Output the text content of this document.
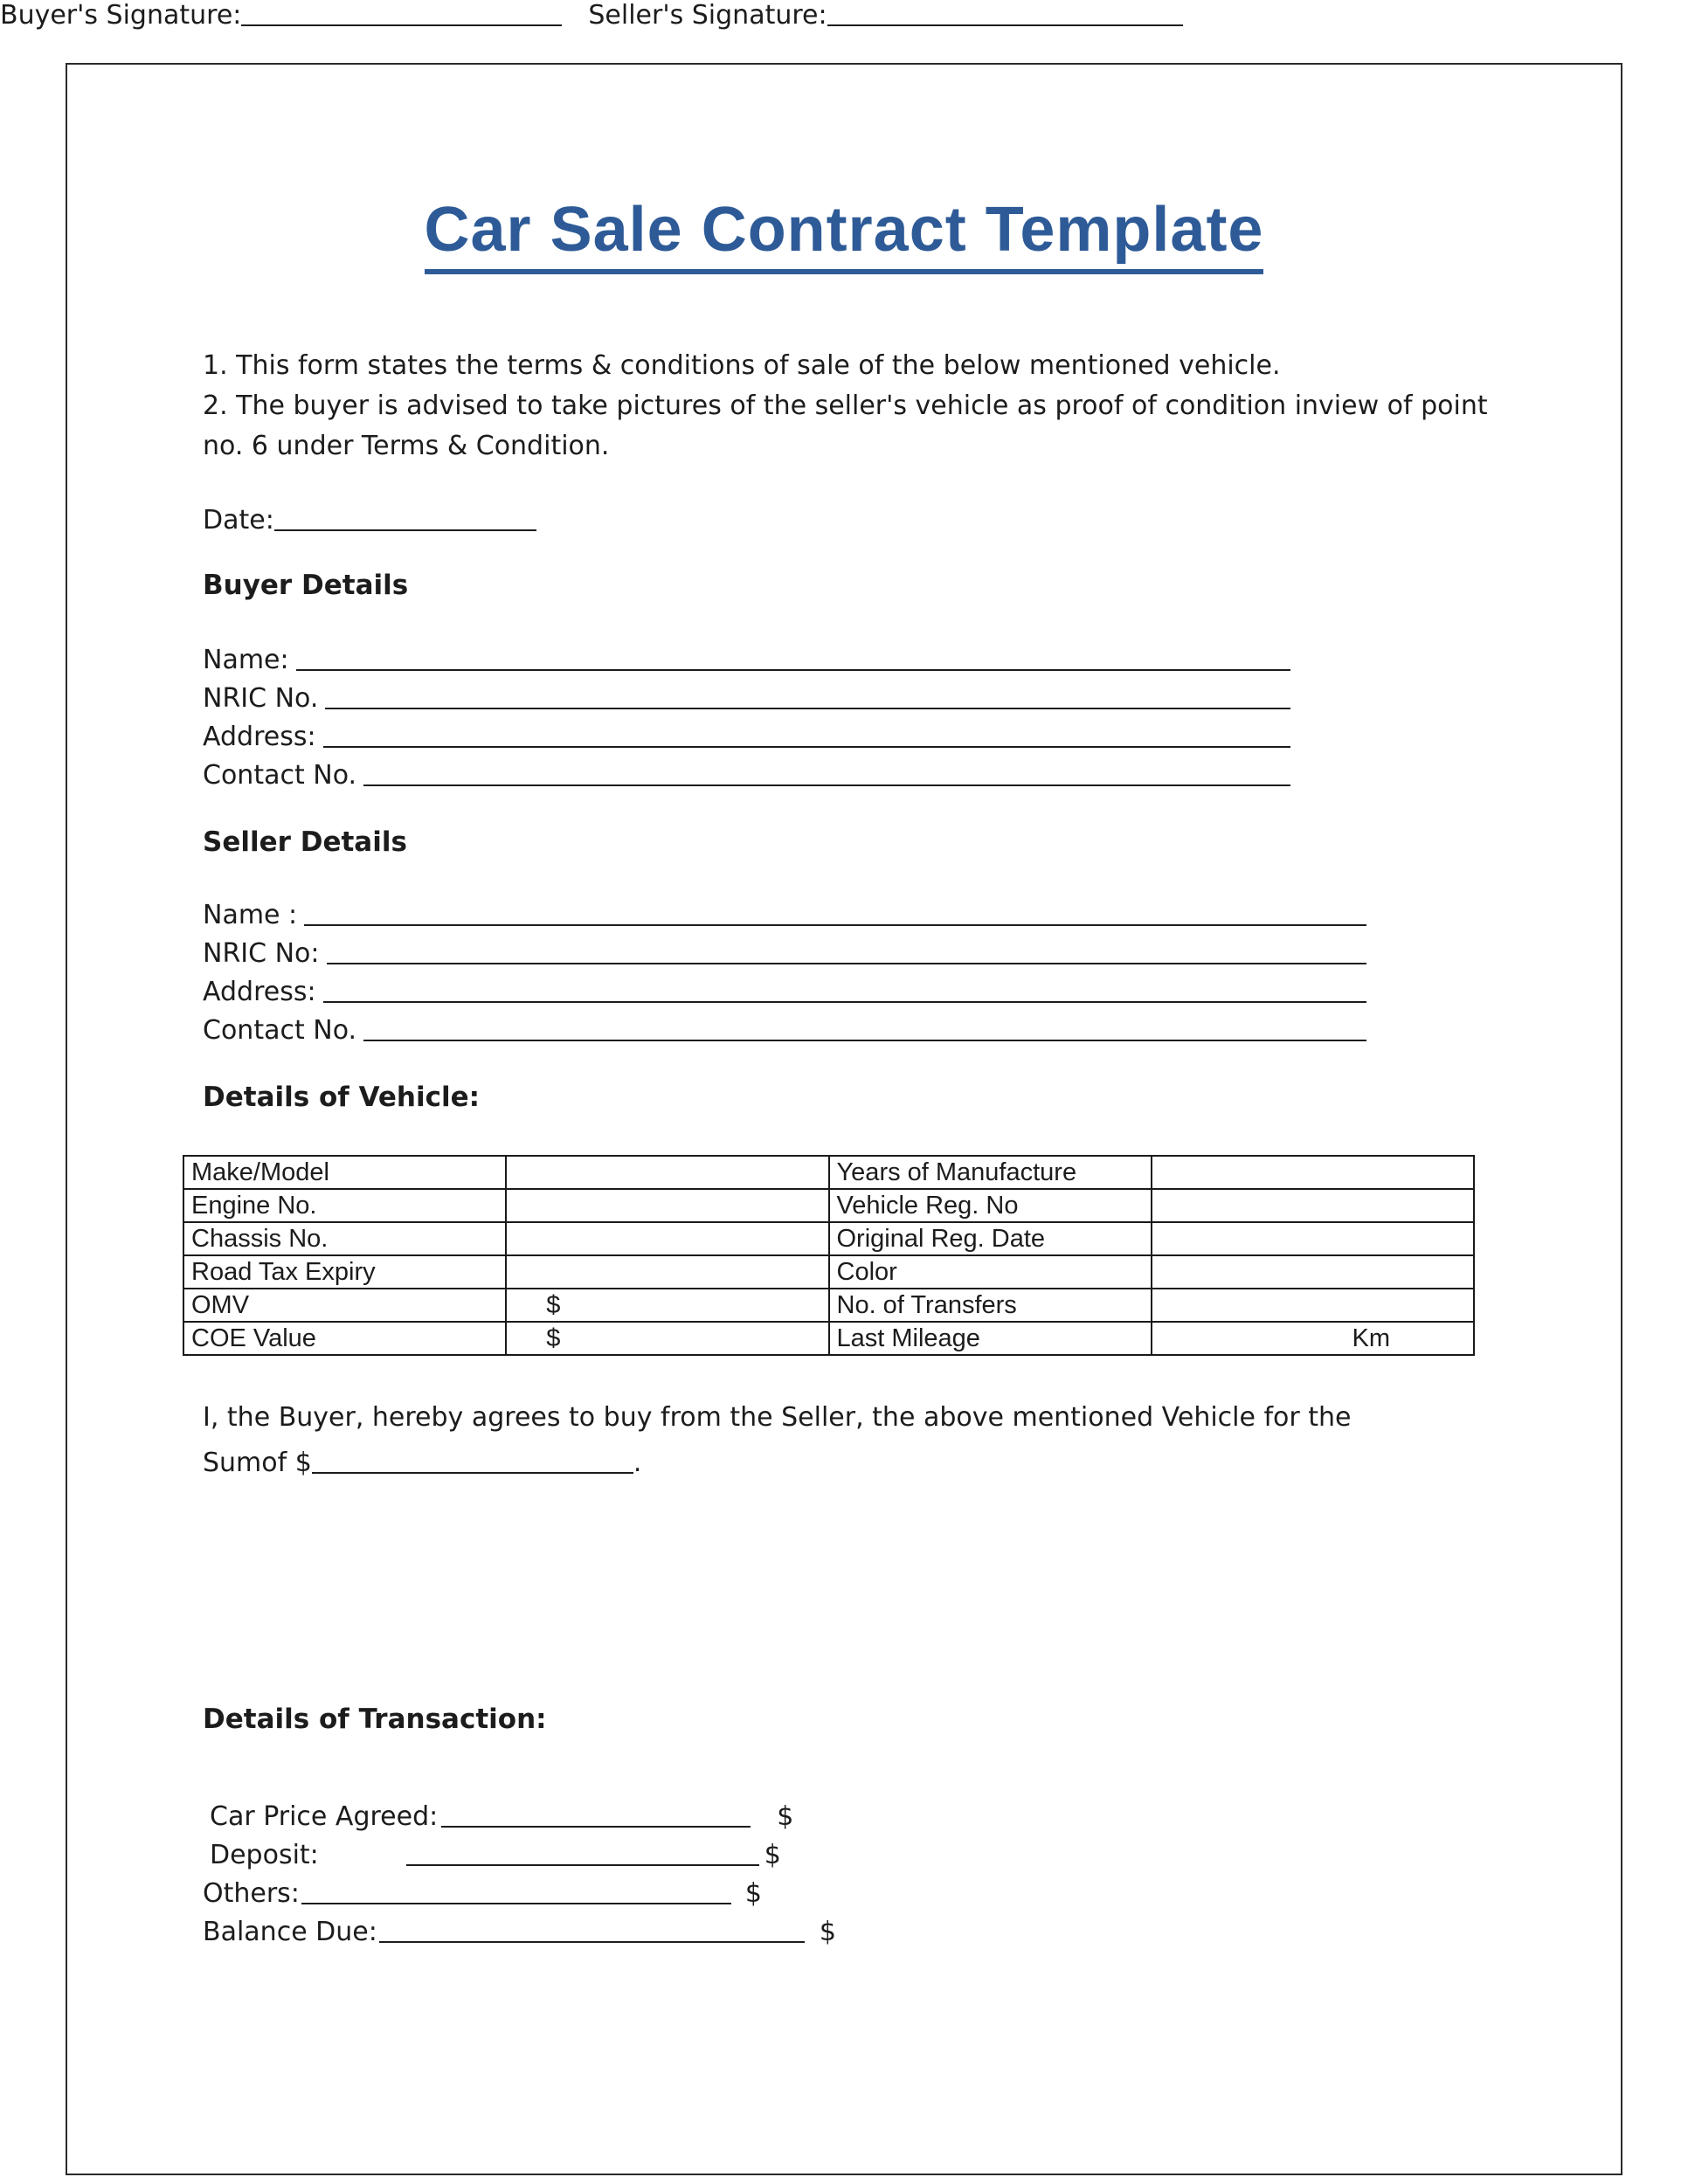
Car Sale Contract Template
1. This form states the terms & conditions of sale of the below mentioned vehicle.
2. The buyer is advised to take pictures of the seller's vehicle as proof of condition inview of point
no. 6 under Terms & Condition.
Date:
Buyer Details
Name:
NRIC No.
Address:
Contact No.
Seller Details
Name :
NRIC No:
Address:
Contact No.
Details of Vehicle:
Make/Model		Years of Manufacture	
Engine No.		Vehicle Reg. No	
Chassis No.		Original Reg. Date	
Road Tax Expiry		Color	
OMV	$	No. of Transfers	
COE Value	$	Last Mileage	Km
I, the Buyer, hereby agrees to buy from the Seller, the above mentioned Vehicle for the
Sumof $	.
Buyer's Signature:	Seller's Signature:
Details of Transaction:
Car Price Agreed:	$
Deposit:	$
Others:	$
Balance Due:	$
